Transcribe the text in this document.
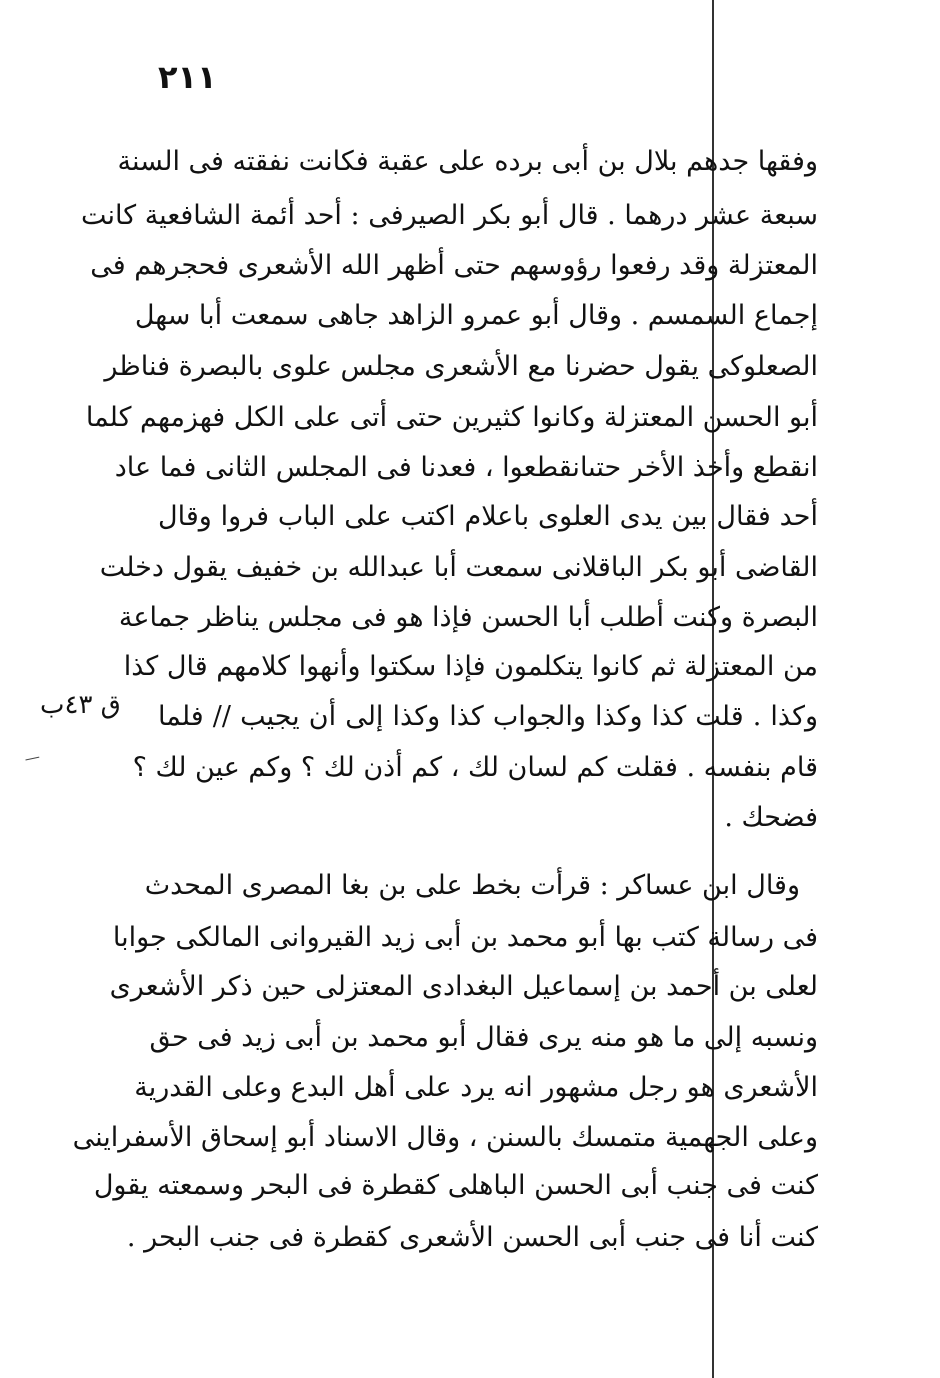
٢١١
وفقها جدهم بلال بن أبى برده على عقبة فكانت نفقته فى السنة
سبعة عشر درهما . قال أبو بكر الصيرفى : أحد أئمة الشافعية كانت
المعتزلة وقد رفعوا رؤوسهم حتى أظهر الله الأشعرى فحجرهم فى
إجماع السمسم . وقال أبو عمرو الزاهد جاهى سمعت أبا سهل
الصعلوكى يقول حضرنا مع الأشعرى مجلس علوى بالبصرة فناظر
أبو الحسن المعتزلة وكانوا كثيرين حتى أتى على الكل فهزمهم كلما
انقطع وأخذ الأخر حتىانقطعوا ، فعدنا فى المجلس الثانى فما عاد
أحد فقال بين يدى العلوى باعلام اكتب على الباب فروا وقال
القاضى أبو بكر الباقلانى سمعت أبا عبدالله بن خفيف يقول دخلت
البصرة وكنت أطلب أبا الحسن فإذا هو فى مجلس يناظر جماعة
من المعتزلة ثم كانوا يتكلمون فإذا سكتوا وأنهوا كلامهم قال كذا
وكذا . قلت كذا وكذا والجواب كذا وكذا إلى أن يجيب // فلما
قام بنفسه . فقلت كم لسان لك ، كم أذن لك ؟ وكم عين لك ؟
فضحك .
ق ٤٣ب
وقال ابن عساكر : قرأت بخط على بن بغا المصرى المحدث
فى رسالة كتب بها أبو محمد بن أبى زيد القيروانى المالكى جوابا
لعلى بن أحمد بن إسماعيل البغدادى المعتزلى حين ذكر الأشعرى
ونسبه إلى ما هو منه يرى فقال أبو محمد بن أبى زيد فى حق
الأشعرى هو رجل مشهور انه يرد على أهل البدع وعلى القدرية
وعلى الجهمية متمسك بالسنن ، وقال الاسناد أبو إسحاق الأسفراينى
كنت فى جنب أبى الحسن الباهلى كقطرة فى البحر وسمعته يقول
كنت أنا فى جنب أبى الحسن الأشعرى كقطرة فى جنب البحر .
